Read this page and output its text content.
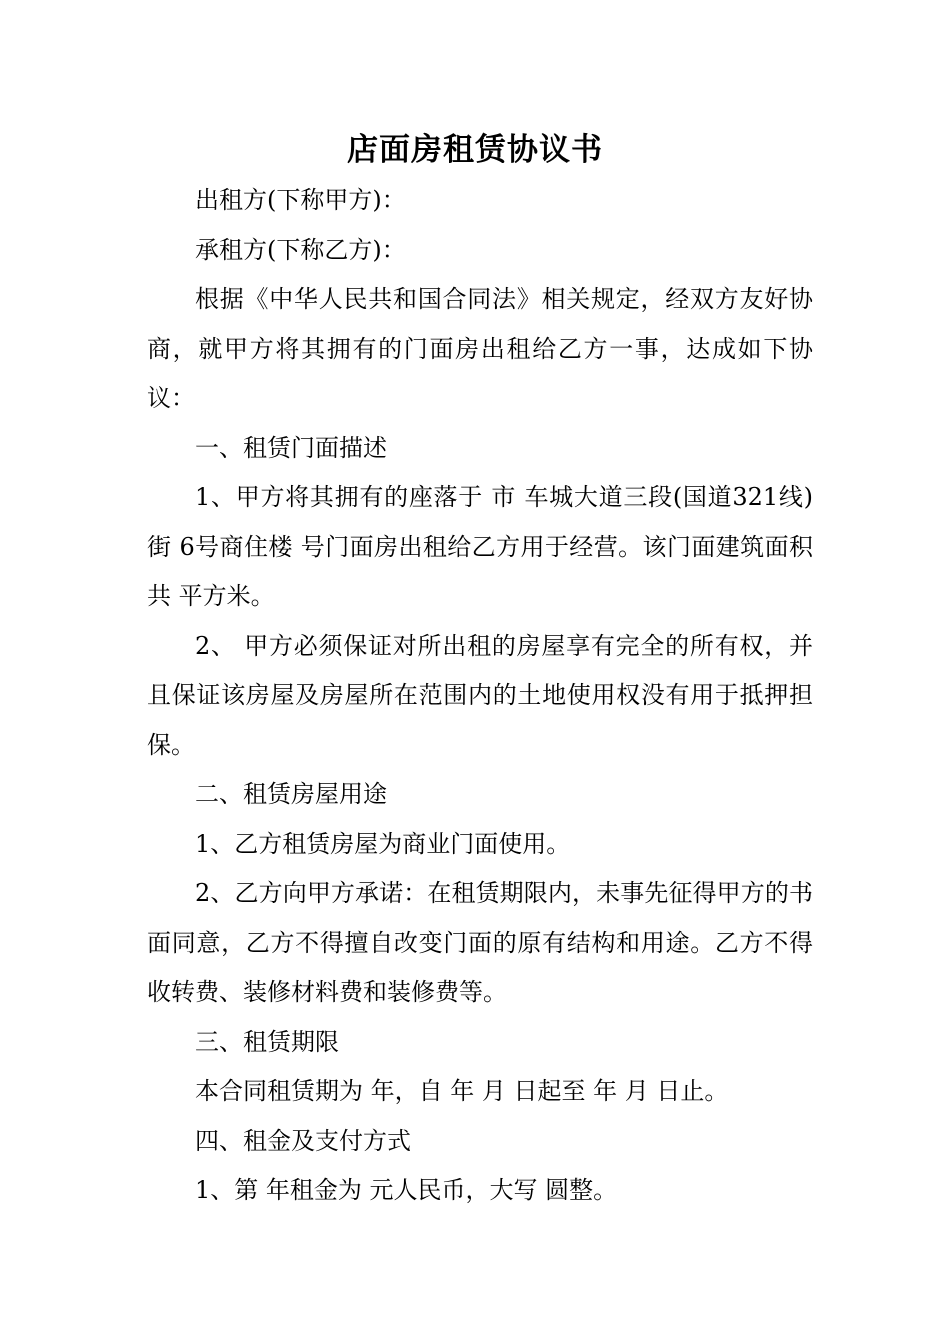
店面房租赁协议书

出租方(下称甲方)：

承租方(下称乙方)：

根据《中华人民共和国合同法》相关规定，经双方友好协商，就甲方将其拥有的门面房出租给乙方一事，达成如下协议：

一、租赁门面描述

1、甲方将其拥有的座落于 市 车城大道三段(国道321线) 街 6号商住楼 号门面房出租给乙方用于经营。该门面建筑面积共 平方米。

2、 甲方必须保证对所出租的房屋享有完全的所有权，并且保证该房屋及房屋所在范围内的土地使用权没有用于抵押担保。

二、租赁房屋用途

1、乙方租赁房屋为商业门面使用。

2、乙方向甲方承诺：在租赁期限内，未事先征得甲方的书面同意，乙方不得擅自改变门面的原有结构和用途。乙方不得收转费、装修材料费和装修费等。

三、租赁期限

本合同租赁期为 年，自 年 月 日起至 年 月 日止。

四、租金及支付方式

1、第 年租金为 元人民币，大写 圆整。
